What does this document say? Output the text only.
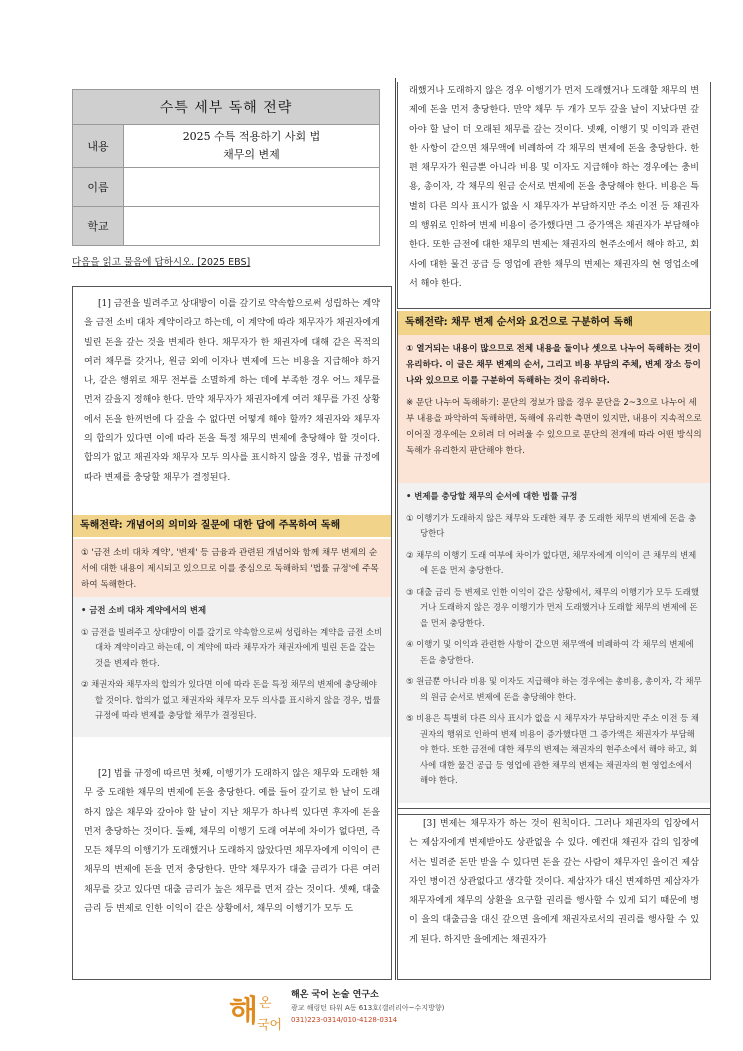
수특 세부 독해 전략
내용
2025 수특 적용하기 사회 법
채무의 변제
이름
학교
다음을 읽고 물음에 답하시오. [2025 EBS]

[1] 금전을 빌려주고 상대방이 이를 갚기로 약속함으로써 성립하는 계약을 금전 소비 대차 계약이라고 하는데, 이 계약에 따라 채무자가 채권자에게 빌린 돈을 갚는 것을 변제라 한다. 채무자가 한 채권자에 대해 같은 목적의 여러 채무를 갖거나, 원금 외에 이자나 변제에 드는 비용을 지급해야 하거나, 같은 행위로 채무 전부를 소멸하게 하는 데에 부족한 경우 어느 채무를 먼저 갚을지 정해야 한다. 만약 채무자가 채권자에게 여러 채무를 가진 상황에서 돈을 한꺼번에 다 갚을 수 없다면 어떻게 해야 할까? 채권자와 채무자의 합의가 있다면 이에 따라 돈을 특정 채무의 변제에 충당해야 할 것이다. 합의가 없고 채권자와 채무자 모두 의사를 표시하지 않을 경우, 법률 규정에 따라 변제를 충당할 채무가 결정된다.

독해전략: 개념어의 의미와 질문에 대한 답에 주목하여 독해
① '금전 소비 대차 계약', '변제' 등 금융과 관련된 개념어와 함께 채무 변제의 순서에 대한 내용이 제시되고 있으므로 이를 중심으로 독해하되 '법률 규정'에 주목하여 독해한다.
• 금전 소비 대차 계약에서의 변제
① 금전을 빌려주고 상대방이 이를 갚기로 약속함으로써 성립하는 계약을 금전 소비 대차 계약이라고 하는데, 이 계약에 따라 채무자가 채권자에게 빌린 돈을 갚는 것을 변제라 한다.
② 채권자와 채무자의 합의가 있다면 이에 따라 돈을 특정 채무의 변제에 충당해야 할 것이다. 합의가 없고 채권자와 채무자 모두 의사를 표시하지 않을 경우, 법률 규정에 따라 변제를 충당할 채무가 결정된다.

[2] 법률 규정에 따르면 첫째, 이행기가 도래하지 않은 채무와 도래한 채무 중 도래한 채무의 변제에 돈을 충당한다. 예를 들어 갚기로 한 날이 도래하지 않은 채무와 갚아야 할 날이 지난 채무가 하나씩 있다면 후자에 돈을 먼저 충당하는 것이다. 둘째, 채무의 이행기 도래 여부에 차이가 없다면, 즉 모든 채무의 이행기가 도래했거나 도래하지 않았다면 채무자에게 이익이 큰 채무의 변제에 돈을 먼저 충당한다. 만약 채무자가 대출 금리가 다른 여러 채무를 갖고 있다면 대출 금리가 높은 채무를 먼저 갚는 것이다. 셋째, 대출 금리 등 변제로 인한 이익이 같은 상황에서, 채무의 이행기가 모두 도

래했거나 도래하지 않은 경우 이행기가 먼저 도래했거나 도래할 채무의 변제에 돈을 먼저 충당한다. 만약 채무 두 개가 모두 갚을 날이 지났다면 갚아야 할 날이 더 오래된 채무를 갚는 것이다. 넷째, 이행기 및 이익과 관련한 사항이 같으면 채무액에 비례하여 각 채무의 변제에 돈을 충당한다. 한편 채무자가 원금뿐 아니라 비용 및 이자도 지급해야 하는 경우에는 충비용, 총이자, 각 채무의 원금 순서로 변제에 돈을 충당해야 한다. 비용은 특별히 다른 의사 표시가 없을 시 채무자가 부담하지만 주소 이전 등 채권자의 행위로 인하여 변제 비용이 증가했다면 그 증가액은 채권자가 부담해야 한다. 또한 금전에 대한 채무의 변제는 채권자의 현주소에서 해야 하고, 회사에 대한 물건 공급 등 영업에 관한 채무의 변제는 채권자의 현 영업소에서 해야 한다.

독해전략: 채무 변제 순서와 요건으로 구분하여 독해
① 열거되는 내용이 많으므로 전체 내용을 둘이나 셋으로 나누어 독해하는 것이 유리하다. 이 글은 채무 변제의 순서, 그리고 비용 부담의 주체, 변제 장소 등이 나와 있으므로 이를 구분하여 독해하는 것이 유리하다.
※ 문단 나누어 독해하기: 문단의 정보가 많을 경우 문단을 2~3으로 나누어 세부 내용을 파악하여 독해하면, 독해에 유리한 측면이 있지만, 내용이 지속적으로 이어질 경우에는 오히려 더 어려울 수 있으므로 문단의 전개에 따라 어떤 방식의 독해가 유리한지 판단해야 한다.
• 변제를 충당할 채무의 순서에 대한 법률 규정
① 이행기가 도래하지 않은 채무와 도래한 채무 중 도래한 채무의 변제에 돈을 충당한다
② 채무의 이행기 도래 여부에 차이가 없다면, 채무자에게 이익이 큰 채무의 변제에 돈을 먼저 충당한다.
③ 대출 금리 등 변제로 인한 이익이 같은 상황에서, 채무의 이행기가 모두 도래했거나 도래하지 않은 경우 이행기가 먼저 도래했거나 도래할 채무의 변제에 돈을 먼저 충당한다.
④ 이행기 및 이익과 관련한 사항이 같으면 채무액에 비례하여 각 채무의 변제에 돈을 충당한다.
⑤ 원금뿐 아니라 비용 및 이자도 지급해야 하는 경우에는 총비용, 총이자, 각 채무의 원금 순서로 변제에 돈을 충당해야 한다.
⑤ 비용은 특별히 다른 의사 표시가 없을 시 채무자가 부담하지만 주소 이전 등 채권자의 행위로 인하여 변제 비용이 증가했다면 그 증가액은 채권자가 부담해야 한다. 또한 금전에 대한 채무의 변제는 채권자의 현주소에서 해야 하고, 회사에 대한 물건 공급 등 영업에 관한 채무의 변제는 채권자의 현 영업소에서 해야 한다.

[3] 변제는 채무자가 하는 것이 원칙이다. 그러나 채권자의 입장에서는 제삼자에게 변제받아도 상관없을 수 있다. 예컨대 채권자 갑의 입장에서는 빌려준 돈만 받을 수 있다면 돈을 갚는 사람이 채무자인 을이건 제삼자인 병이건 상관없다고 생각할 것이다. 제삼자가 대신 변제하면 제삼자가 채무자에게 채무의 상환을 요구할 권리를 행사할 수 있게 되기 때문에 병이 을의 대출금을 대신 갚으면 을에게 채권자로서의 권리를 행사할 수 있게 된다. 하지만 을에게는 채권자가

해 온
국어
해온 국어 논술 연구소
광교 해링턴 타워 A동 613호(갤러리아~수지방향)
031)223-0314/010-4128-0314
